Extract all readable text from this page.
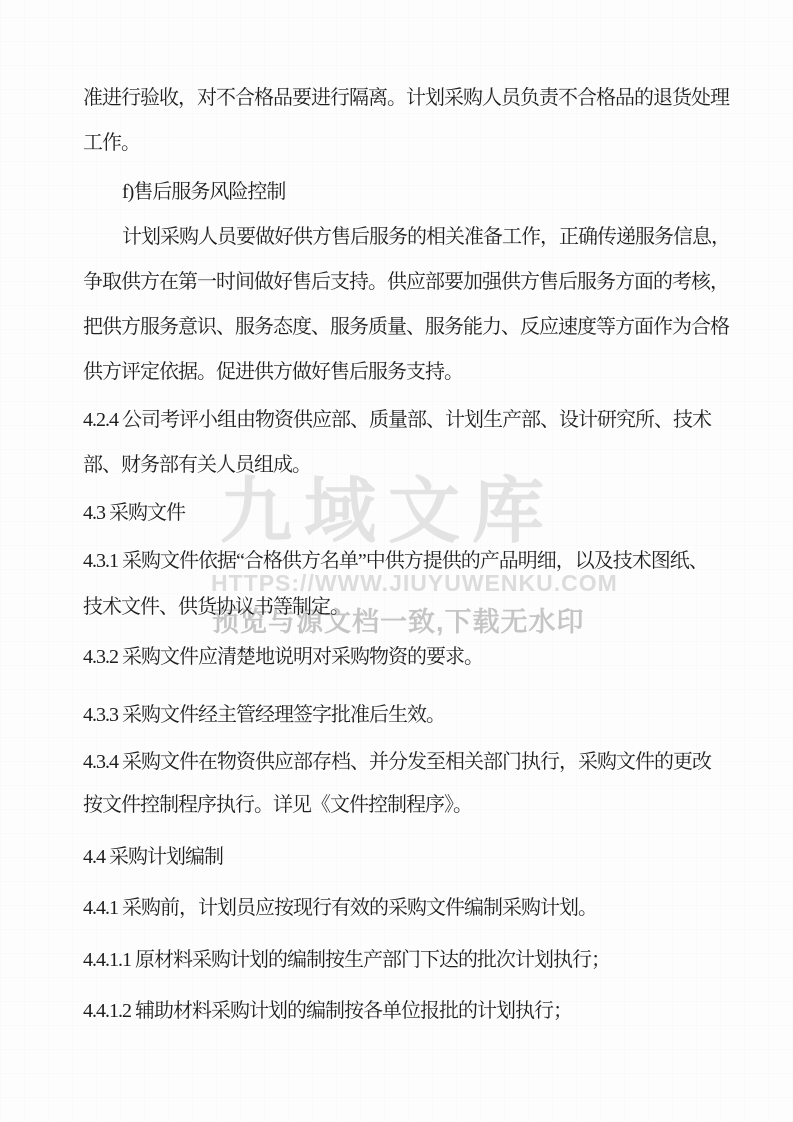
九域文库
HTTPS://WWW.JIUYUWENKU.COM
预览与源文档一致,下载无水印
准进行验收，对不合格品要进行隔离。计划采购人员负责不合格品的退货处理
工作。
f)售后服务风险控制
计划采购人员要做好供方售后服务的相关准备工作，正确传递服务信息，
争取供方在第一时间做好售后支持。供应部要加强供方售后服务方面的考核，
把供方服务意识、服务态度、服务质量、服务能力、反应速度等方面作为合格
供方评定依据。促进供方做好售后服务支持。
4.2.4 公司考评小组由物资供应部、质量部、计划生产部、设计研究所、技术
部、财务部有关人员组成。
4.3 采购文件
4.3.1 采购文件依据“合格供方名单”中供方提供的产品明细，以及技术图纸、
技术文件、供货协议书等制定。
4.3.2 采购文件应清楚地说明对采购物资的要求。
4.3.3 采购文件经主管经理签字批准后生效。
4.3.4 采购文件在物资供应部存档、并分发至相关部门执行，采购文件的更改
按文件控制程序执行。详见《文件控制程序》。
4.4 采购计划编制
4.4.1 采购前，计划员应按现行有效的采购文件编制采购计划。
4.4.1.1 原材料采购计划的编制按生产部门下达的批次计划执行；
4.4.1.2 辅助材料采购计划的编制按各单位报批的计划执行；
